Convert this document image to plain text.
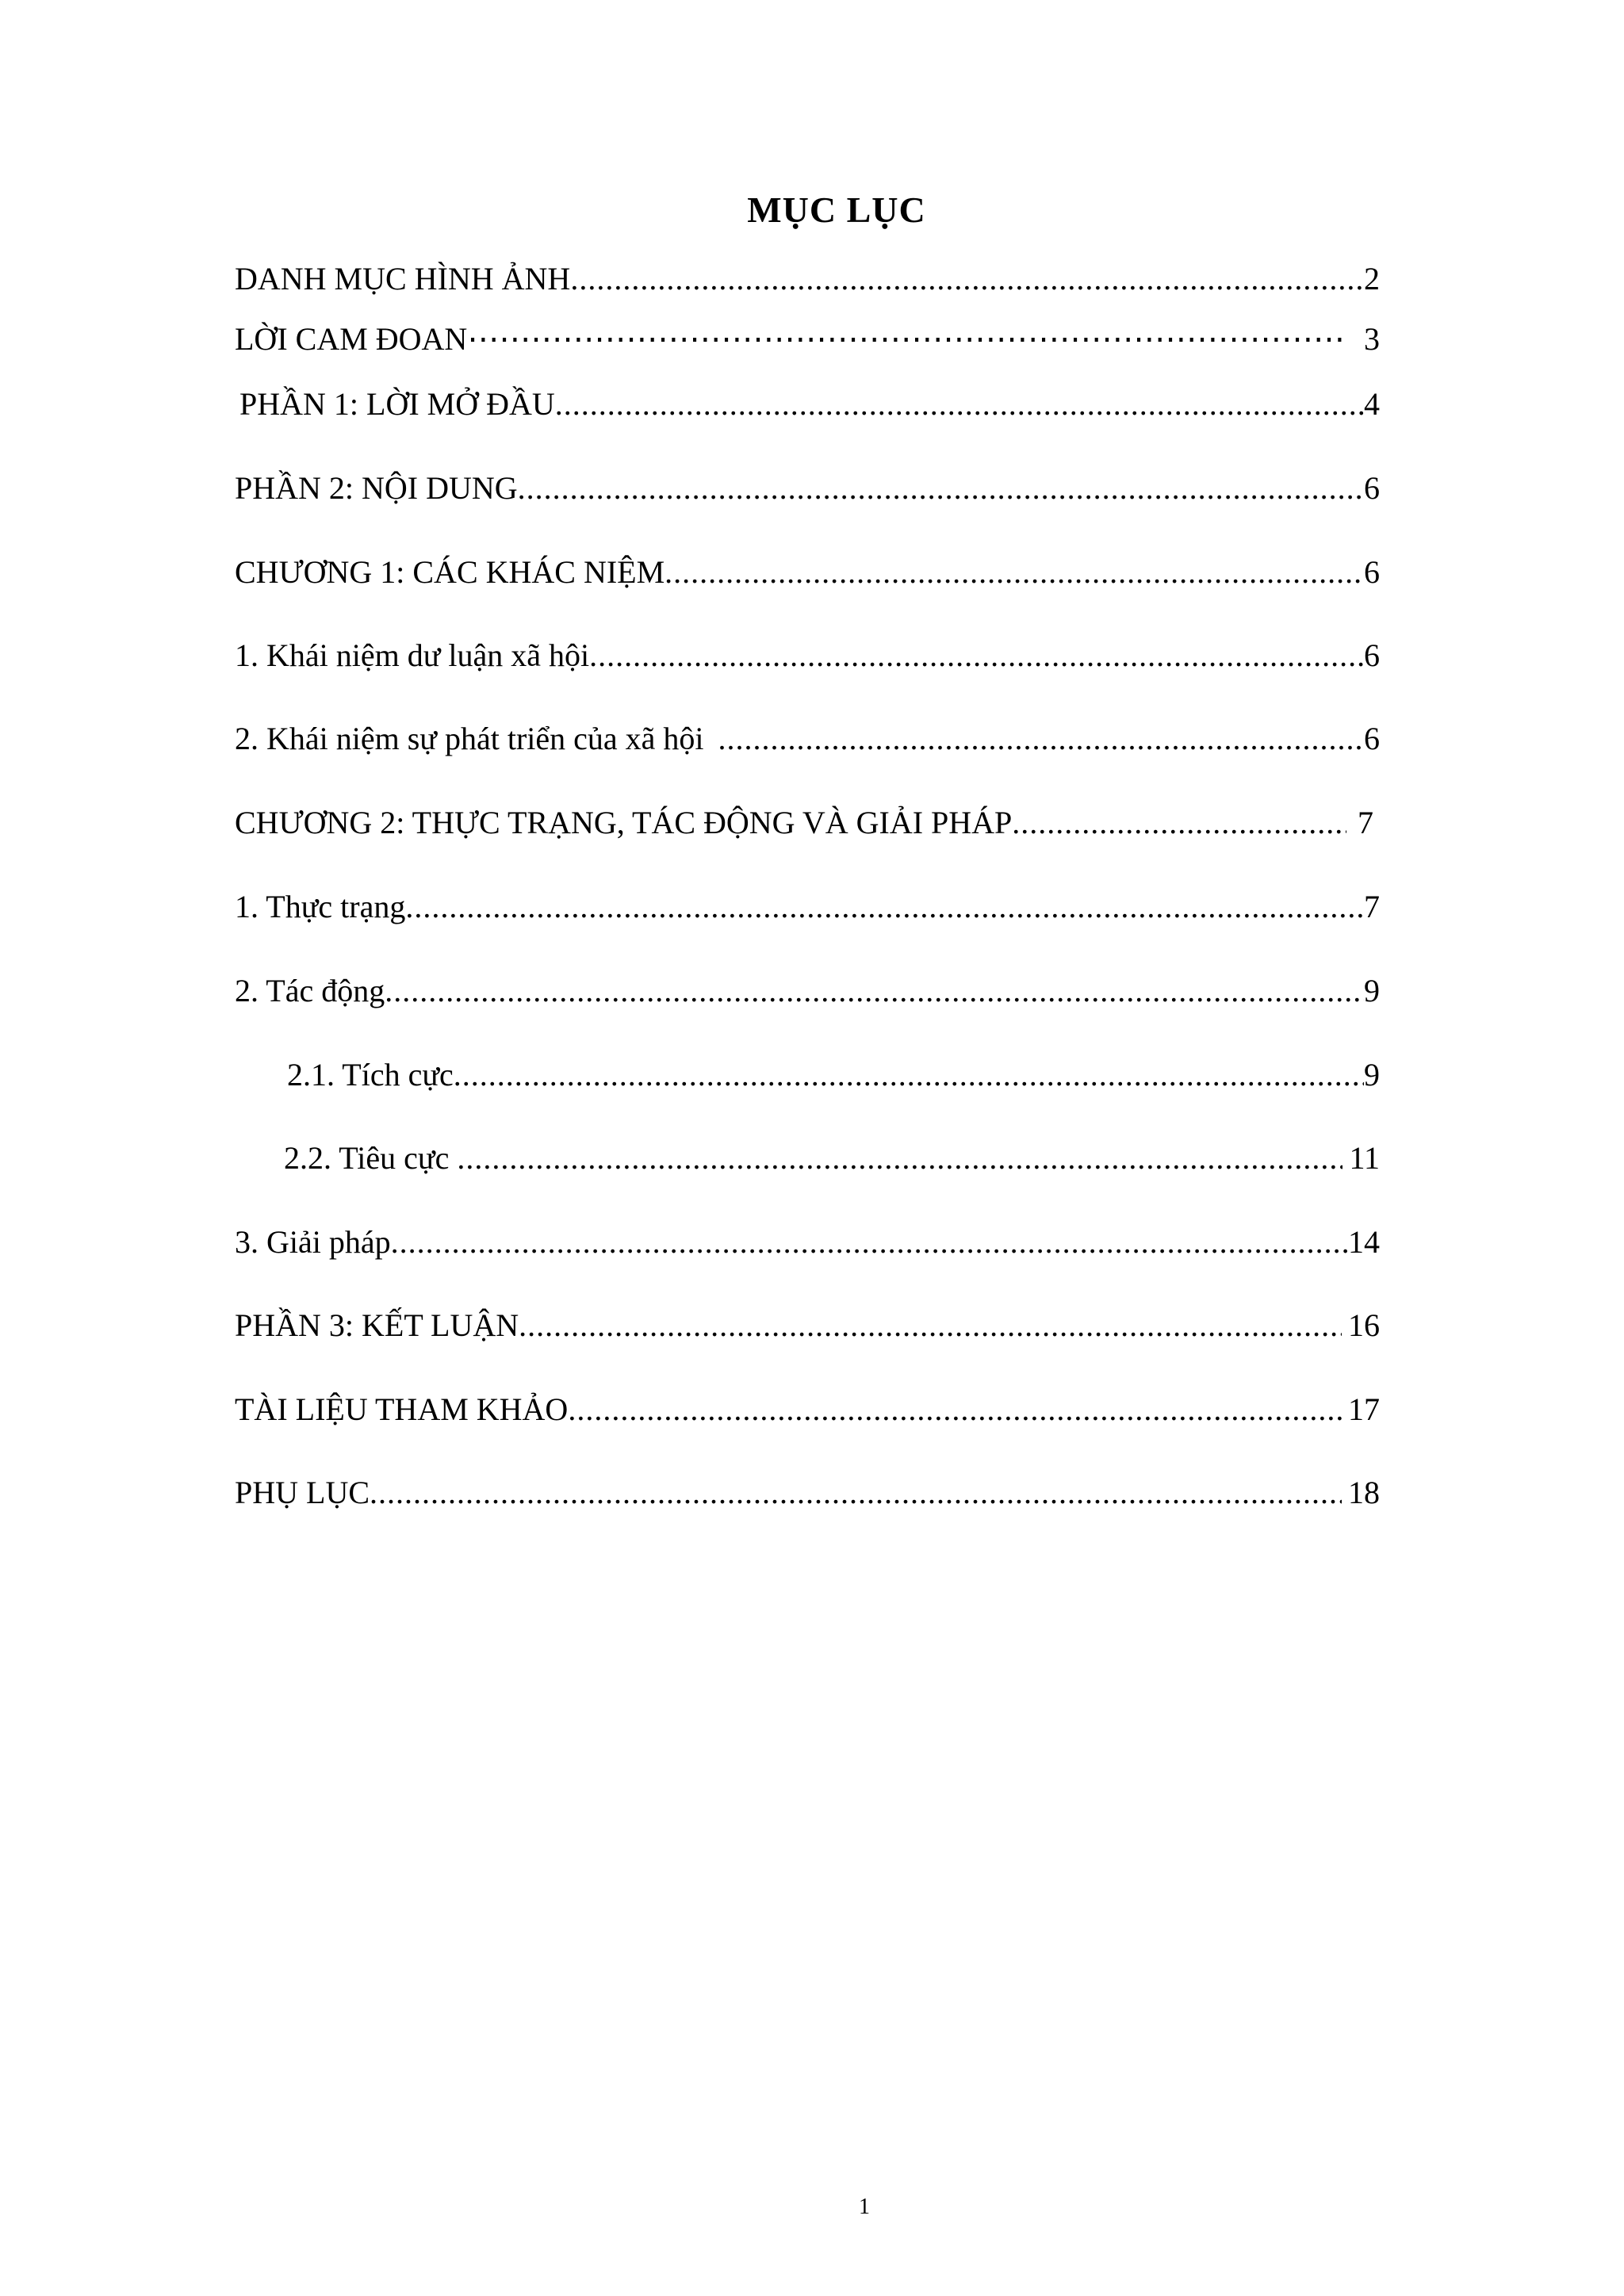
MỤC LỤC
DANH MỤC HÌNH ẢNH .....	2
LỜI CAM ĐOAN ⋯⋯⋯⋯⋯⋯⋯⋯⋯⋯⋯⋯⋯⋯⋯⋯⋯⋯⋯⋯⋯⋯⋯⋯⋯⋯⋯⋯⋯⋯⋯⋯⋯⋯⋯⋯⋯⋯⋯⋯⋯⋯⋯⋯⋯⋯⋯⋯⋯⋯⋯⋯⋯⋯⋯⋯⋯⋯⋯⋯⋯⋯⋯⋯⋯⋯⋯⋯	3
PHẦN 1: LỜI MỞ ĐẦU .....	4
PHẦN 2: NỘI DUNG .....	6
CHƯƠNG 1: CÁC KHÁC NIỆM .....	6
1. Khái niệm dư luận xã hội .....	6
2. Khái niệm sự phát triển của xã hội .....	6
CHƯƠNG 2: THỰC TRẠNG, TÁC ĐỘNG VÀ GIẢI PHÁP .....	7
1. Thực trạng .....	7
2. Tác động .....	9
2.1. Tích cực .....	9
2.2. Tiêu cực .....	11
3. Giải pháp .....	14
PHẦN 3: KẾT LUẬN .....	16
TÀI LIỆU THAM KHẢO .....	17
PHỤ LỤC .....	18
1
